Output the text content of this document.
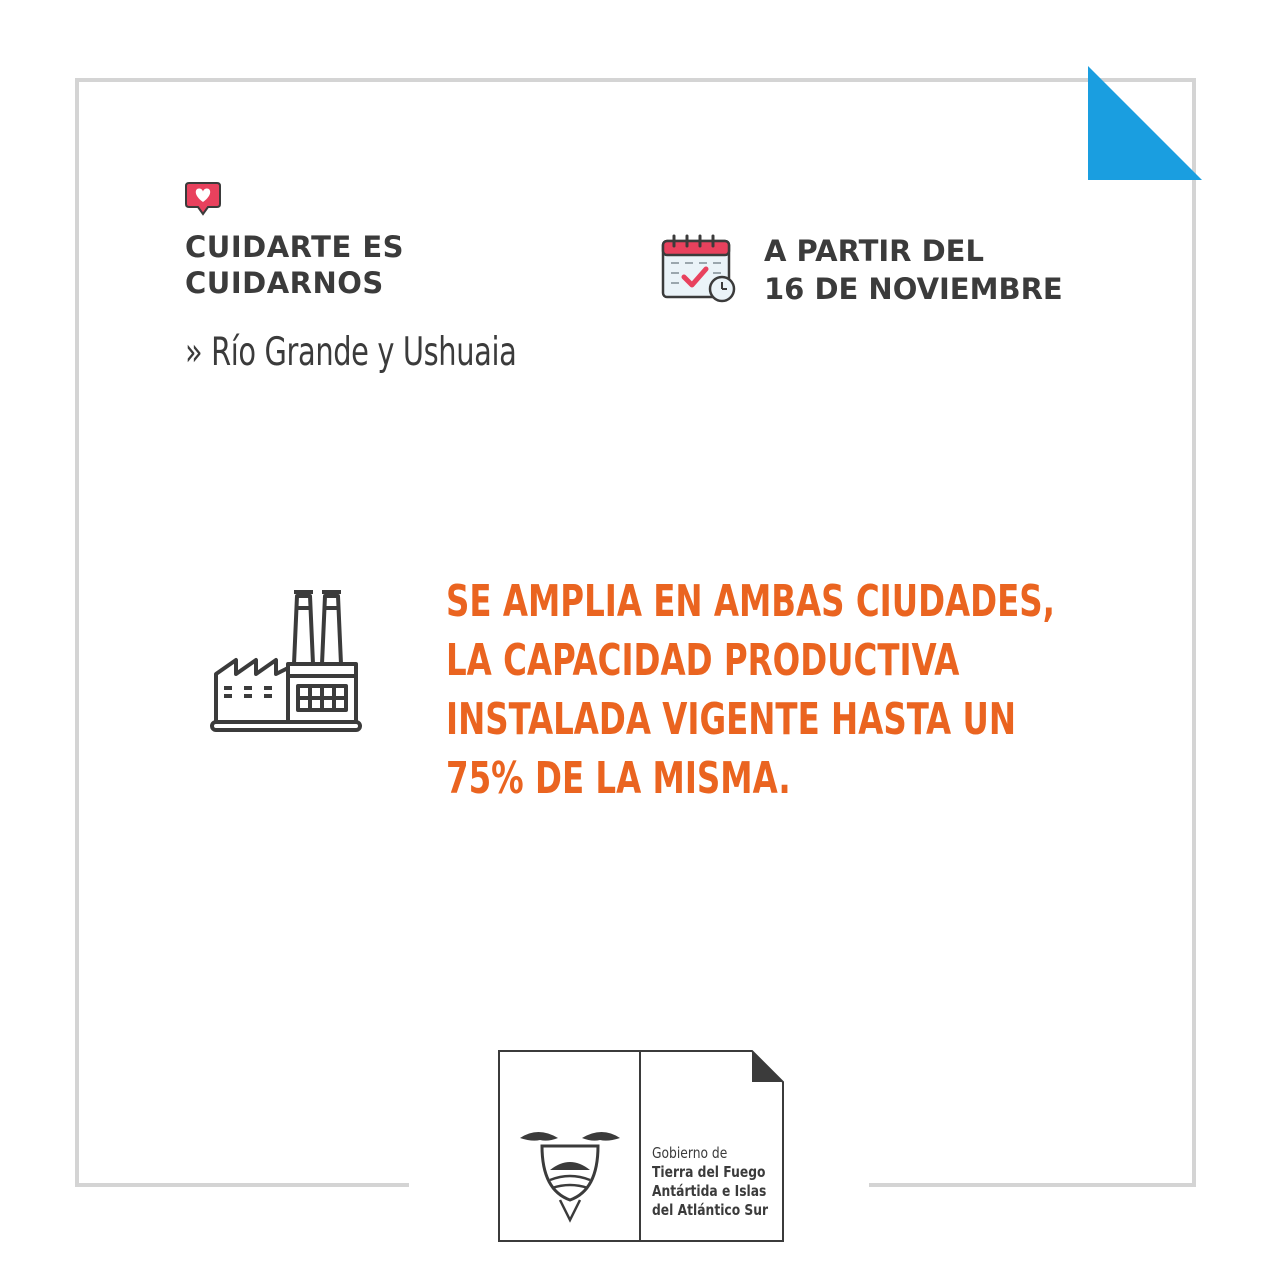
CUIDARTE ES
CUIDARNOS
» Río Grande y Ushuaia
A PARTIR DEL
16 DE NOVIEMBRE
SE AMPLIA EN AMBAS CIUDADES,
LA CAPACIDAD PRODUCTIVA
INSTALADA VIGENTE HASTA UN
75% DE LA MISMA.
Gobierno de
Tierra del Fuego
Antártida e Islas
del Atlántico Sur
